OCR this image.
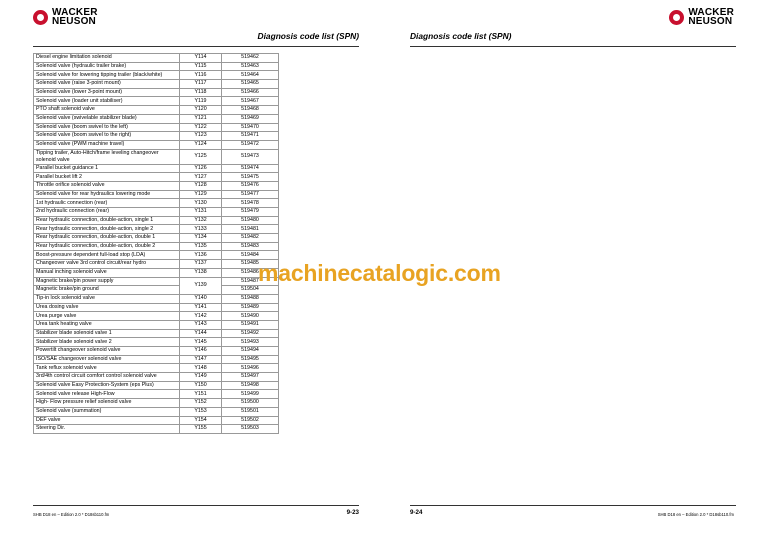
WACKER
NEUSON
Diagnosis code list (SPN)
Diesel engine limitation solenoid	Y114	519462
Solenoid valve (hydraulic trailer brake)	Y115	519463
Solenoid valve for lowering tipping trailer (black/white)	Y116	519464
Solenoid valve (raise 3-point mount)	Y117	519465
Solenoid valve (lower 3-point mount)	Y118	519466
Solenoid valve (loader unit stabiliser)	Y119	519467
PTO shaft solenoid valve	Y120	519468
Solenoid valve (swivelable stabilizer blade)	Y121	519469
Solenoid valve (boom swivel to the left)	Y122	519470
Solenoid valve (boom swivel to the right)	Y123	519471
Solenoid valve (PWM machine travel)	Y124	519472
Tipping trailer, Auto-Hitch/frame leveling changeover solenoid valve	Y125	519473
Parallel bucket guidance 1	Y126	519474
Parallel bucket lift 2	Y127	519475
Throttle orifice solenoid valve	Y128	519476
Solenoid valve for rear hydraulics lowering mode	Y129	519477
1st hydraulic connection (rear)	Y130	519478
2nd hydraulic connection (rear)	Y131	519479
Rear hydraulic connection, double-action, single 1	Y132	519480
Rear hydraulic connection, double-action, single 2	Y133	519481
Rear hydraulic connection, double-action, double 1	Y134	519482
Rear hydraulic connection, double-action, double 2	Y135	519483
Boost-pressure dependent full-load stop (LDA)	Y136	519484
Changeover valve 3rd control circuit/rear hydro	Y137	519485
Manual inching solenoid valve	Y138	519486
Magnetic brake/pin power supply	Y139	519487
Magnetic brake/pin ground		519504
Tip-in lock solenoid valve	Y140	519488
Urea dosing valve	Y141	519489
Urea purge valve	Y142	519490
Urea tank heating valve	Y143	519491
Stabilizer blade solenoid valve 1	Y144	519492
Stabilizer blade solenoid valve 2	Y145	519493
Powertilt changeover solenoid valve	Y146	519494
ISO/SAE changeover solenoid valve	Y147	519495
Tank reflux solenoid valve	Y148	519496
3rd/4th control circuit comfort control solenoid valve	Y149	519497
Solenoid valve Easy Protection-System (eps Plus)	Y150	519498
Solenoid valve release High-Flow	Y151	519499
High- Flow pressure relief solenoid valve	Y152	519500
Solenoid valve (summation)	Y153	519501
DEF valve	Y154	519502
Steering Dir.	Y155	519503
SHB D18 en – Edition 2.0 * D18sb110.fm	9-23
Diagnosis code list (SPN)
WACKER
NEUSON
9-24	SHB D18 en – Edition 2.0 * D18sb110.fm
machinecatalogic.com
